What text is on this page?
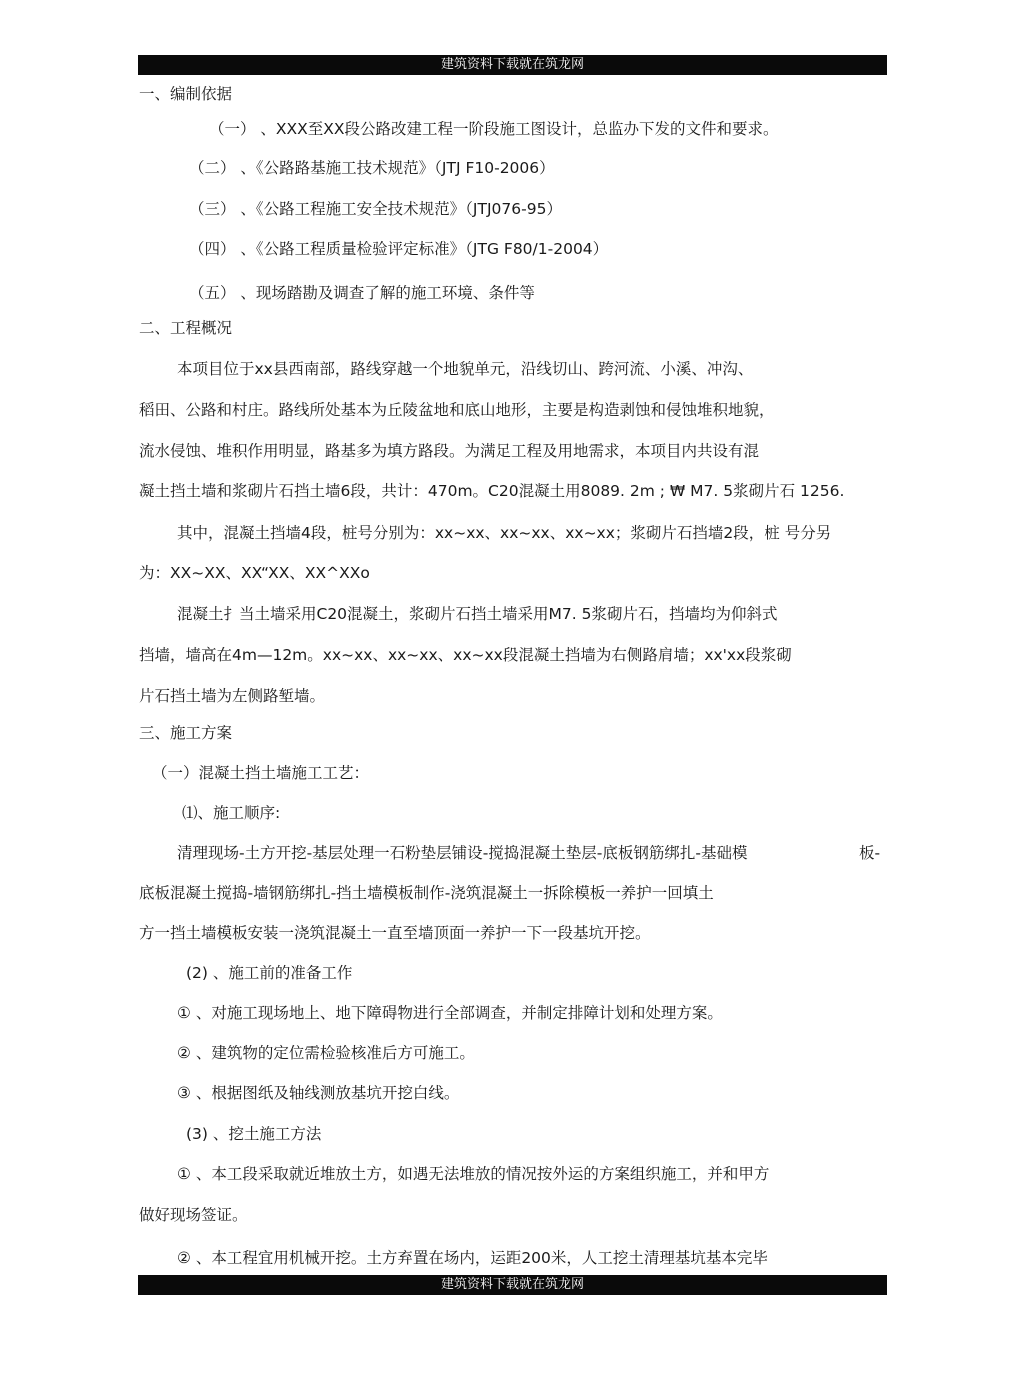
建筑资料下载就在筑龙网
一、编制依据
（一） 、XXX至XX段公路改建工程一阶段施工图设计，总监办下发的文件和要求。
（二） 、《公路路基施工技术规范》（JTJ F10-2006）
（三） 、《公路工程施工安全技术规范》（JTJ076-95）
（四） 、《公路工程质量检验评定标准》（JTG F80/1-2004）
（五） 、现场踏勘及调查了解的施工环境、条件等
二、工程概况
本项目位于xx县西南部，路线穿越一个地貌单元，沿线切山、跨河流、小溪、冲沟、
稻田、公路和村庄。路线所处基本为丘陵盆地和底山地形，主要是构造剥蚀和侵蚀堆积地貌，
流水侵蚀、堆积作用明显，路基多为填方路段。为满足工程及用地需求，本项目内共设有混
凝土挡土墙和浆砌片石挡土墙6段，共计：470m。C20混凝土用8089. 2m ; ₩ M7. 5浆砌片石 1256.
其中，混凝土挡墙4段，桩号分别为：xx~xx、xx~xx、xx~xx；浆砌片石挡墙2段，桩 号分另
为：XX~XX、XX“XX、XX^XXo
混凝土扌当土墙采用C20混凝土，浆砌片石挡土墙采用M7. 5浆砌片石，挡墙均为仰斜式
挡墙，墙高在4m—12m。xx~xx、xx~xx、xx~xx段混凝土挡墙为右侧路肩墙；xx'xx段浆砌
片石挡土墙为左侧路堑墙。
三、施工方案
（一）混凝土挡土墙施工工艺：
⑴、施工顺序:
清理现场-土方开挖-基层处理一石粉垫层铺设-搅捣混凝土垫层-底板钢筋绑扎-基础模	板-
底板混凝土搅捣-墙钢筋绑扎-挡土墙模板制作-浇筑混凝土一拆除模板一养护一回填土
方一挡土墙模板安装一浇筑混凝土一直至墙顶面一养护一下一段基坑开挖。
(2) 、施工前的准备工作
① 、对施工现场地上、地下障碍物进行全部调查，并制定排障计划和处理方案。
② 、建筑物的定位需检验核准后方可施工。
③ 、根据图纸及轴线测放基坑开挖白线。
(3) 、挖土施工方法
① 、本工段采取就近堆放土方，如遇无法堆放的情况按外运的方案组织施工，并和甲方
做好现场签证。
② 、本工程宜用机械开挖。土方弃置在场内，运距200米，人工挖土清理基坑基本完毕
建筑资料下载就在筑龙网
